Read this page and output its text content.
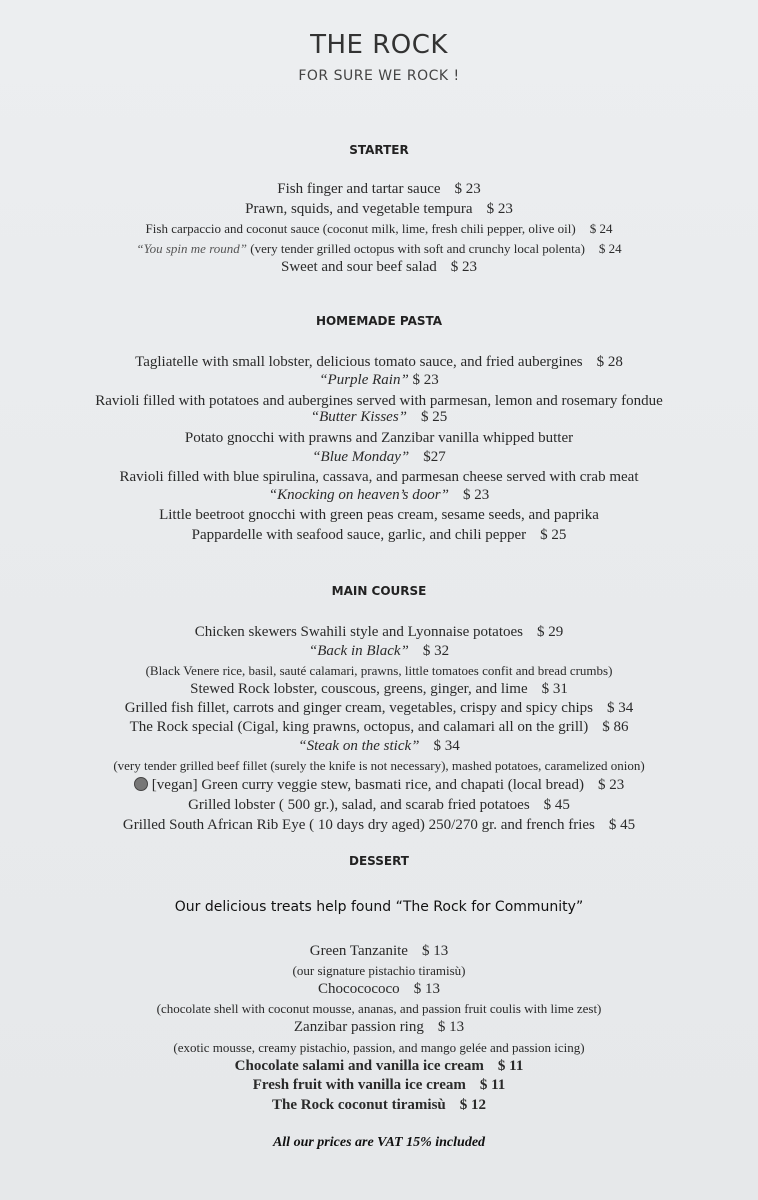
THE ROCK
FOR SURE WE ROCK !
STARTER
Fish finger and tartar sauce $ 23
Prawn, squids, and vegetable tempura $ 23
Fish carpaccio and coconut sauce (coconut milk, lime, fresh chili pepper, olive oil) $ 24
“You spin me round” (very tender grilled octopus with soft and crunchy local polenta) $ 24
Sweet and sour beef salad $ 23
HOMEMADE PASTA
Tagliatelle with small lobster, delicious tomato sauce, and fried aubergines $ 28
“Purple Rain” $ 23
Ravioli filled with potatoes and aubergines served with parmesan, lemon and rosemary fondue
“Butter Kisses” $ 25
Potato gnocchi with prawns and Zanzibar vanilla whipped butter
“Blue Monday” $27
Ravioli filled with blue spirulina, cassava, and parmesan cheese served with crab meat
“Knocking on heaven’s door” $ 23
Little beetroot gnocchi with green peas cream, sesame seeds, and paprika
Pappardelle with seafood sauce, garlic, and chili pepper $ 25
MAIN COURSE
Chicken skewers Swahili style and Lyonnaise potatoes $ 29
“Back in Black” $ 32
(Black Venere rice, basil, sauté calamari, prawns, little tomatoes confit and bread crumbs)
Stewed Rock lobster, couscous, greens, ginger, and lime $ 31
Grilled fish fillet, carrots and ginger cream, vegetables, crispy and spicy chips $ 34
The Rock special (Cigal, king prawns, octopus, and calamari all on the grill) $ 86
“Steak on the stick” $ 34
(very tender grilled beef fillet (surely the knife is not necessary), mashed potatoes, caramelized onion)
[vegan] Green curry veggie stew, basmati rice, and chapati (local bread) $ 23
Grilled lobster ( 500 gr.), salad, and scarab fried potatoes $ 45
Grilled South African Rib Eye ( 10 days dry aged) 250/270 gr. and french fries $ 45
DESSERT
Our delicious treats help found “The Rock for Community”
Green Tanzanite $ 13
(our signature pistachio tiramisù)
Chococococo $ 13
(chocolate shell with coconut mousse, ananas, and passion fruit coulis with lime zest)
Zanzibar passion ring $ 13
(exotic mousse, creamy pistachio, passion, and mango gelée and passion icing)
Chocolate salami and vanilla ice cream $ 11
Fresh fruit with vanilla ice cream $ 11
The Rock coconut tiramisù $ 12
All our prices are VAT 15% included
